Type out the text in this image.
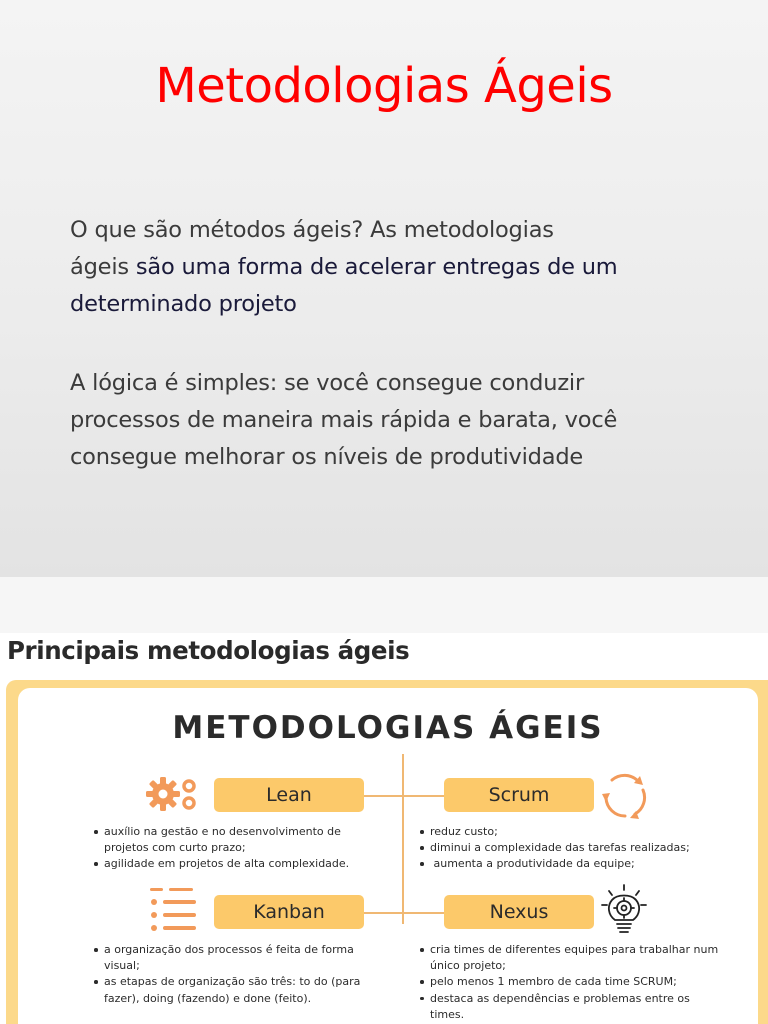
Metodologias Ágeis
O que são métodos ágeis? As metodologias
ágeis são uma forma de acelerar entregas de um
determinado projeto
A lógica é simples: se você consegue conduzir
processos de maneira mais rápida e barata, você
consegue melhorar os níveis de produtividade
Principais metodologias ágeis
METODOLOGIAS ÁGEIS
Lean
auxílio na gestão e no desenvolvimento de projetos com curto prazo;
agilidade em projetos de alta complexidade.
Scrum
reduz custo;
diminui a complexidade das tarefas realizadas;
aumenta a produtividade da equipe;
Kanban
a organização dos processos é feita de forma visual;
as etapas de organização são três: to do (para fazer), doing (fazendo) e done (feito).
Nexus
cria times de diferentes equipes para trabalhar num único projeto;
pelo menos 1 membro de cada time SCRUM;
destaca as dependências e problemas entre os times.
